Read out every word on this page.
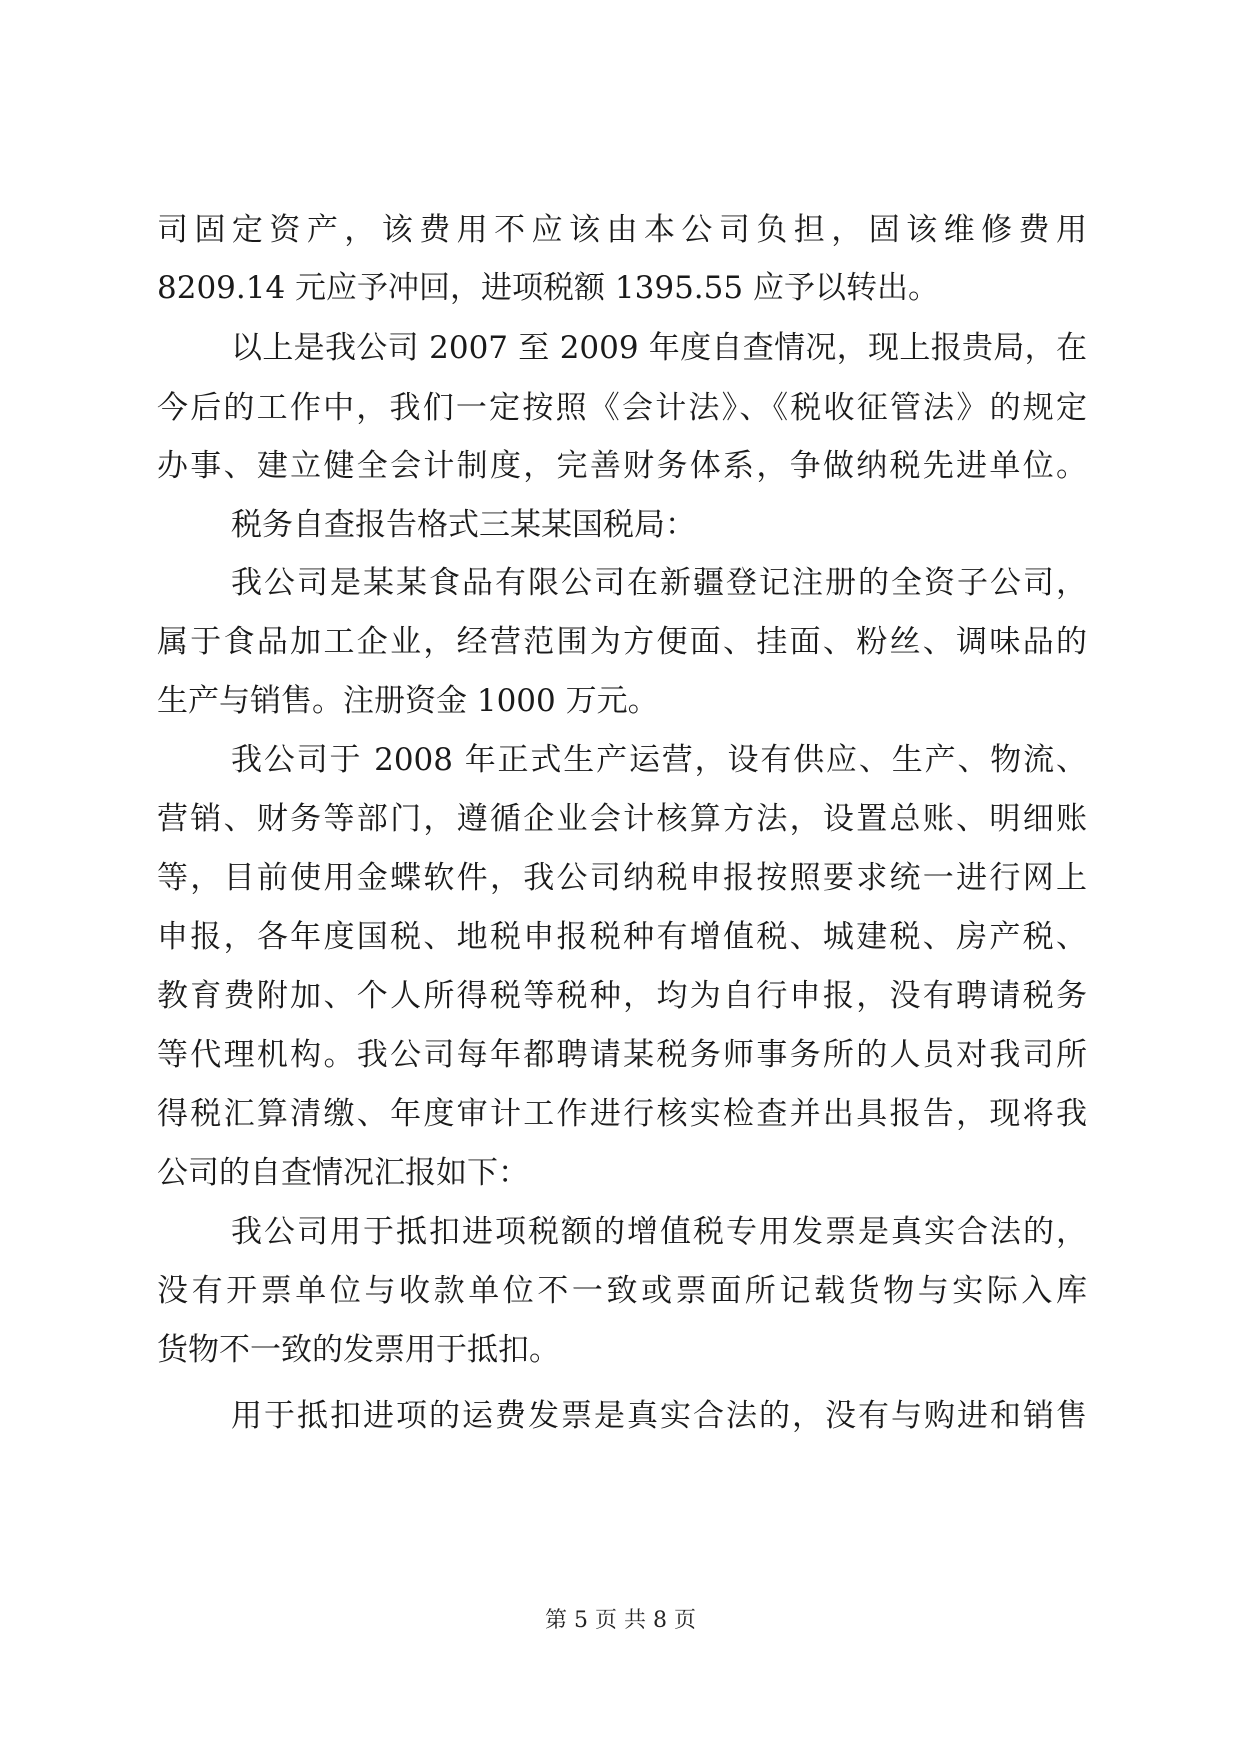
司固定资产，该费用不应该由本公司负担，固该维修费用
8209.14 元应予冲回，进项税额 1395.55 应予以转出。
以上是我公司 2007 至 2009 年度自查情况，现上报贵局，在
今后的工作中，我们一定按照《会计法》、《税收征管法》的规定
办事、建立健全会计制度，完善财务体系，争做纳税先进单位。
税务自查报告格式三某某国税局：
我公司是某某食品有限公司在新疆登记注册的全资子公司，
属于食品加工企业，经营范围为方便面、挂面、粉丝、调味品的
生产与销售。注册资金 1000 万元。
我公司于 2008 年正式生产运营，设有供应、生产、物流、
营销、财务等部门，遵循企业会计核算方法，设置总账、明细账
等，目前使用金蝶软件，我公司纳税申报按照要求统一进行网上
申报，各年度国税、地税申报税种有增值税、城建税、房产税、
教育费附加、个人所得税等税种，均为自行申报，没有聘请税务
等代理机构。我公司每年都聘请某税务师事务所的人员对我司所
得税汇算清缴、年度审计工作进行核实检查并出具报告，现将我
公司的自查情况汇报如下：
我公司用于抵扣进项税额的增值税专用发票是真实合法的，
没有开票单位与收款单位不一致或票面所记载货物与实际入库
货物不一致的发票用于抵扣。
用于抵扣进项的运费发票是真实合法的，没有与购进和销售
第 5 页 共 8 页
